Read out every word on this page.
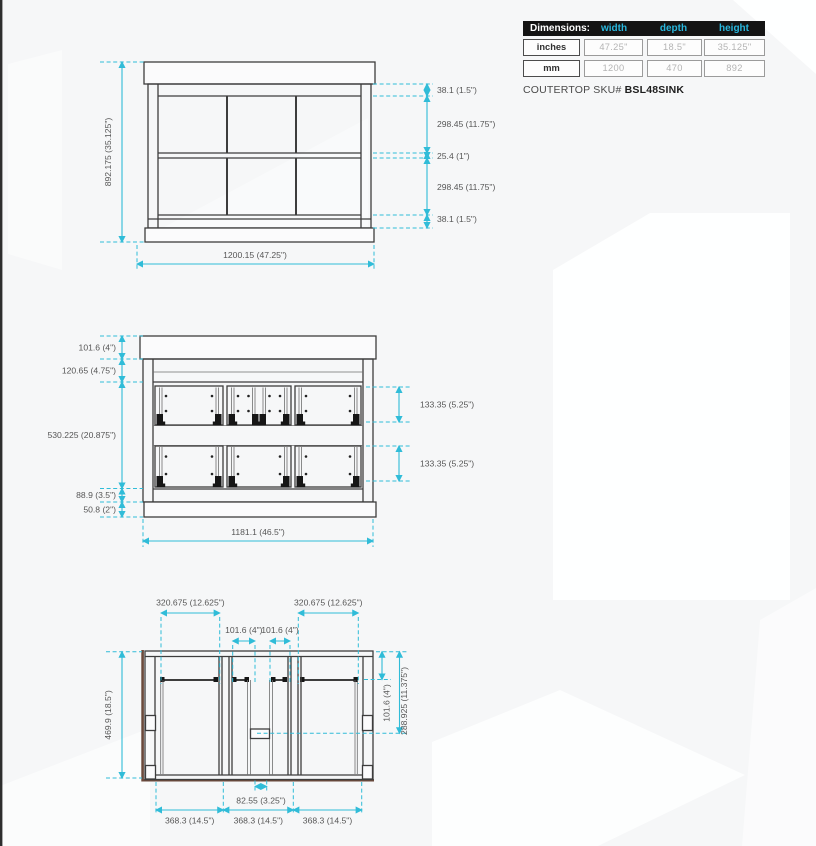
892.175 (35.125")
1200.15 (47.25")
38.1 (1.5")
298.45 (11.75")
25.4 (1")
298.45 (11.75")
38.1 (1.5")
101.6 (4")
120.65 (4.75")
530.225 (20.875")
88.9 (3.5")
50.8 (2")
133.35 (5.25")
133.35 (5.25")
1181.1 (46.5")
320.675 (12.625")	320.675 (12.625")
101.6 (4")
101.6 (4")
469.9 (18.5")	101.6 (4") 288.925 (11.375")
82.55 (3.25")
368.3 (14.5") 368.3 (14.5") 368.3 (14.5")
Dimensions: width	depth	height
inches	47.25"	18.5"	35.125"
mm	1200	470	892
COUTERTOP SKU# BSL48SINK
